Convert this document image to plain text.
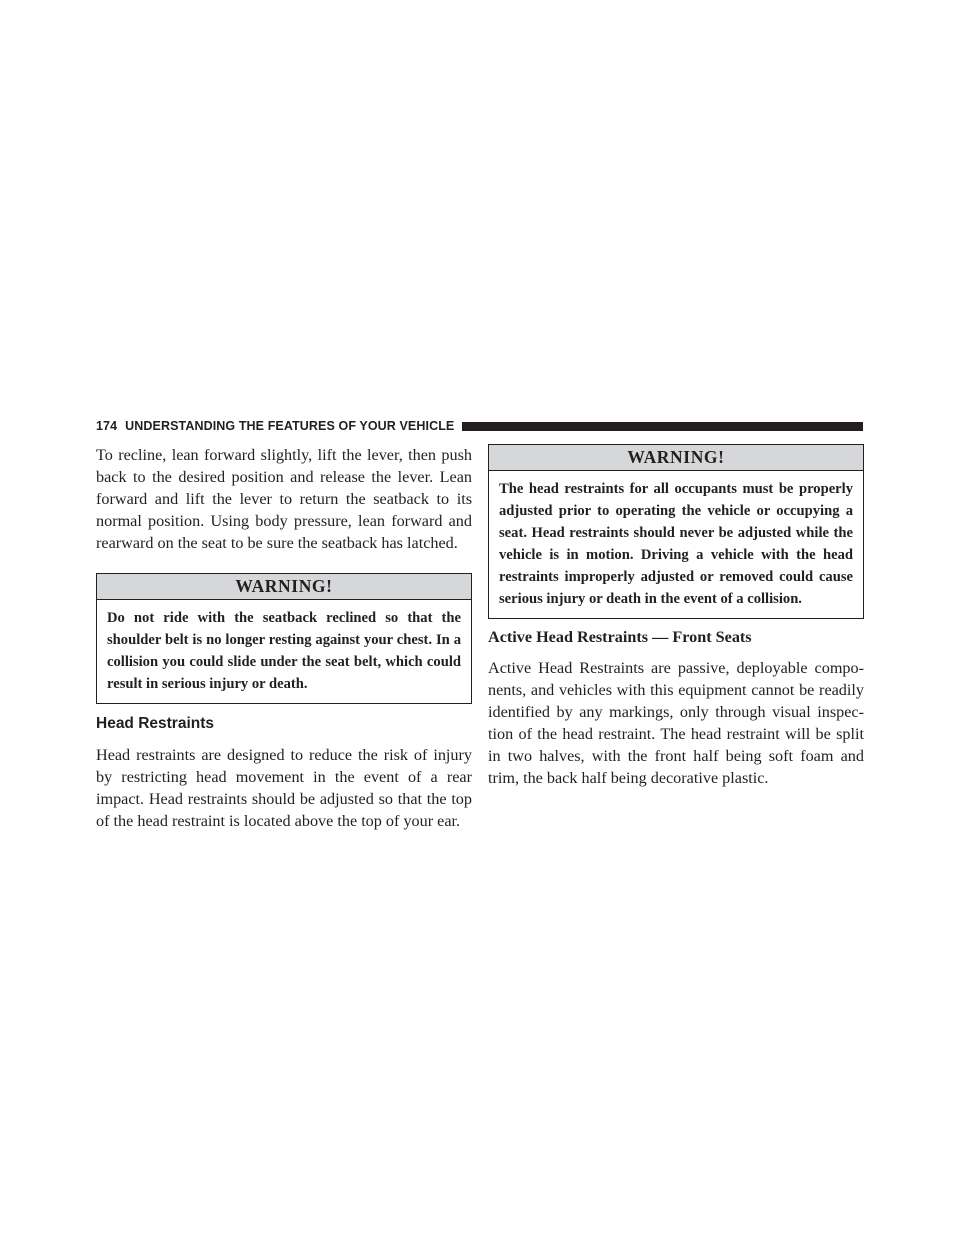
174 UNDERSTANDING THE FEATURES OF YOUR VEHICLE

To recline, lean forward slightly, lift the lever, then push back to the desired position and release the lever. Lean forward and lift the lever to return the seatback to its normal position. Using body pressure, lean forward and rearward on the seat to be sure the seatback has latched.

WARNING!

Do not ride with the seatback reclined so that the shoulder belt is no longer resting against your chest. In a collision you could slide under the seat belt, which could result in serious injury or death.

Head Restraints

Head restraints are designed to reduce the risk of injury by restricting head movement in the event of a rear impact. Head restraints should be adjusted so that the top of the head restraint is located above the top of your ear.

WARNING!

The head restraints for all occupants must be properly adjusted prior to operating the vehicle or occupying a seat. Head restraints should never be adjusted while the vehicle is in motion. Driving a vehicle with the head restraints improperly adjusted or removed could cause serious injury or death in the event of a collision.

Active Head Restraints — Front Seats

Active Head Restraints are passive, deployable components, and vehicles with this equipment cannot be readily identified by any markings, only through visual inspection of the head restraint. The head restraint will be split in two halves, with the front half being soft foam and trim, the back half being decorative plastic.
